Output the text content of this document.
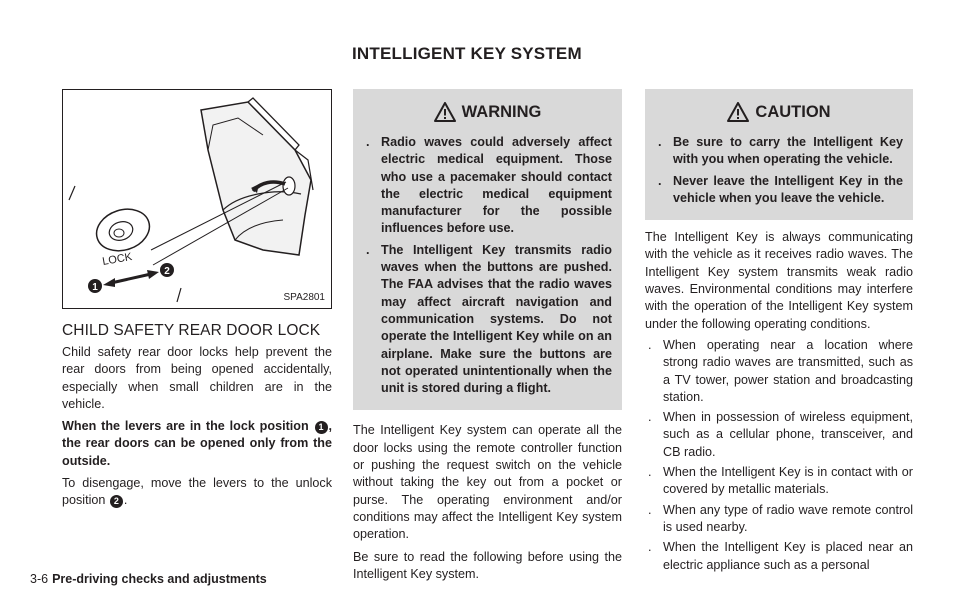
INTELLIGENT KEY SYSTEM
LOCK
1
2
SPA2801
CHILD SAFETY REAR DOOR LOCK

Child safety rear door locks help prevent the rear doors from being opened accidentally, especially when small children are in the vehicle.

When the levers are in the lock position 1 , the rear doors can be opened only from the outside.

To disengage, move the levers to the unlock position 2 .

WARNING
. Radio waves could adversely affect electric medical equipment. Those who use a pacemaker should contact the electric medical equipment manufacturer for the possible influences before use.
. The Intelligent Key transmits radio waves when the buttons are pushed. The FAA advises that the radio waves may affect aircraft navigation and communication systems. Do not operate the Intelligent Key while on an airplane. Make sure the buttons are not operated unintentionally when the unit is stored during a flight.

The Intelligent Key system can operate all the door locks using the remote controller function or pushing the request switch on the vehicle without taking the key out from a pocket or purse. The operating environment and/or conditions may affect the Intelligent Key system operation.

Be sure to read the following before using the Intelligent Key system.

CAUTION
. Be sure to carry the Intelligent Key with you when operating the vehicle.
. Never leave the Intelligent Key in the vehicle when you leave the vehicle.

The Intelligent Key is always communicating with the vehicle as it receives radio waves. The Intelligent Key system transmits weak radio waves. Environmental conditions may interfere with the operation of the Intelligent Key system under the following operating conditions.

. When operating near a location where strong radio waves are transmitted, such as a TV tower, power station and broadcasting station.
. When in possession of wireless equipment, such as a cellular phone, transceiver, and CB radio.
. When the Intelligent Key is in contact with or covered by metallic materials.
. When any type of radio wave remote control is used nearby.
. When the Intelligent Key is placed near an electric appliance such as a personal
3-6 Pre-driving checks and adjustments
